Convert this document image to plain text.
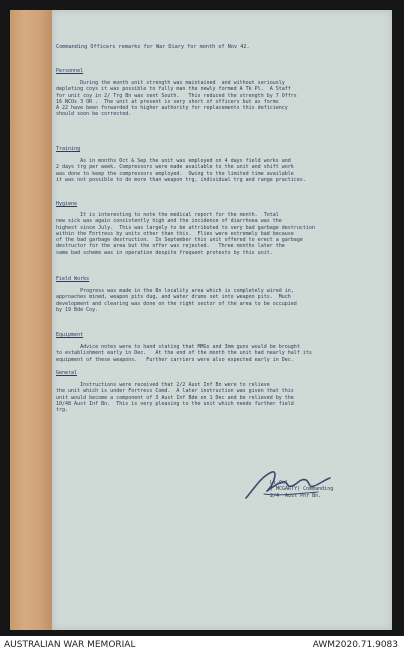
Commanding Officers remarks for War Diary for month of Nov 42.
Personnel
During the month unit strength was maintained  and without seriously
depleting coys it was possible to fully man the newly formed A Tk Pl.  A Staff
for unit coy in 2/ Trg Bn was sent South.   This reduced the strength by 7 Offrs
16 NCOs 3 OR .  The unit at present is very short of officers but as forms
A 22 have been forwarded to higher authority for replacements this deficiency
should soon be corrected.
Training
As in months Oct & Sep the unit was employed on 4 days field works and
2 days trg per week. Compressors were made available to the unit and shift work
was done to keep the compressors employed.  Owing to the limited time available
it was not possible to do more than weapon trg, individual trg and range practices.
Hygiene
It is interesting to note the medical report for the month.  Total
new sick was again consistently high and the incidence of diarrhoea was the
highest since July.  This was largely to be attributed to very bad garbage destruction
within the Fortress by units other than this.  Flies were extremely bad because
of the bad garbage destruction.  In September this unit offered to erect a garbage
destructor for the area but the offer was rejected.   Three months later the
same bad scheme was in operation despite frequent protests by this unit.
Field Works
Progress was made in the Bn locality area which is completely wired in,
approaches mined, weapon pits dug, and water drums set into weapon pits.  Much
development and clearing was done on the right sector of the area to be occupied
by 19 Bde Coy.
Equipment
Advice notes were to hand stating that MMGs and 3mm guns would be brought
to establishment early in Dec.   At the end of the month the unit had nearly half its
equipment of these weapons.   Further carriers were also expected early in Dec.
General
Instructions were received that 2/2 Aust Inf Bn were to relieve
the unit which is under Fortress Comd.  A later instruction was given that this
unit would become a component of 3 Aust Inf Bde on 1 Dec and be relieved by the
10/48 Aust Inf Bn.  This is very pleasing to the unit which needs further field
trg.
Lt-Col
( MCGARTY) Commanding
2/4  Aust Pnr Bn.
AUSTRALIAN WAR MEMORIAL	AWM2020.71.9083
